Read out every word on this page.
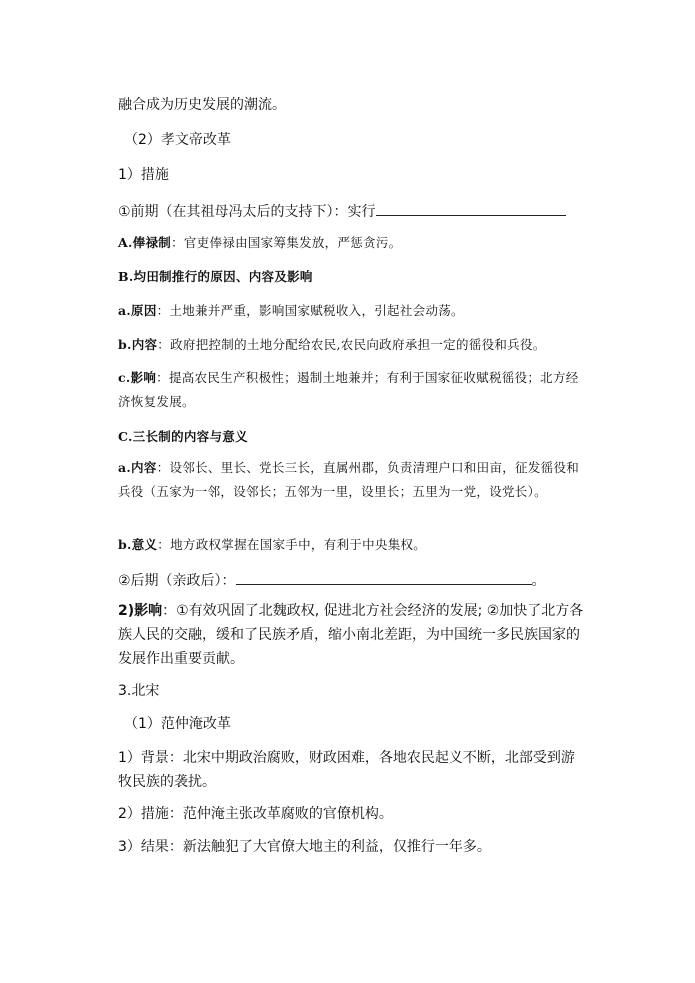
融合成为历史发展的潮流。
（2）孝文帝改革
1）措施
①前期（在其祖母冯太后的支持下）：实行
A.俸禄制：官吏俸禄由国家筹集发放，严惩贪污。
B.均田制推行的原因、内容及影响
a.原因：土地兼并严重，影响国家赋税收入，引起社会动荡。
b.内容：政府把控制的土地分配给农民,农民向政府承担一定的徭役和兵役。
c.影响：提高农民生产积极性；遏制土地兼并；有利于国家征收赋税徭役；北方经济恢复发展。
C.三长制的内容与意义
a.内容：设邻长、里长、党长三长，直属州郡，负责清理户口和田亩，征发徭役和兵役（五家为一邻，设邻长；五邻为一里，设里长；五里为一党，设党长）。
b.意义：地方政权掌握在国家手中，有利于中央集权。
②后期（亲政后）：	。
2)影响：①有效巩固了北魏政权, 促进北方社会经济的发展; ②加快了北方各族人民的交融，缓和了民族矛盾，缩小南北差距，为中国统一多民族国家的发展作出重要贡献。
3.北宋
（1）范仲淹改革
1）背景：北宋中期政治腐败，财政困难，各地农民起义不断，北部受到游牧民族的袭扰。
2）措施：范仲淹主张改革腐败的官僚机构。
3）结果：新法触犯了大官僚大地主的利益，仅推行一年多。
